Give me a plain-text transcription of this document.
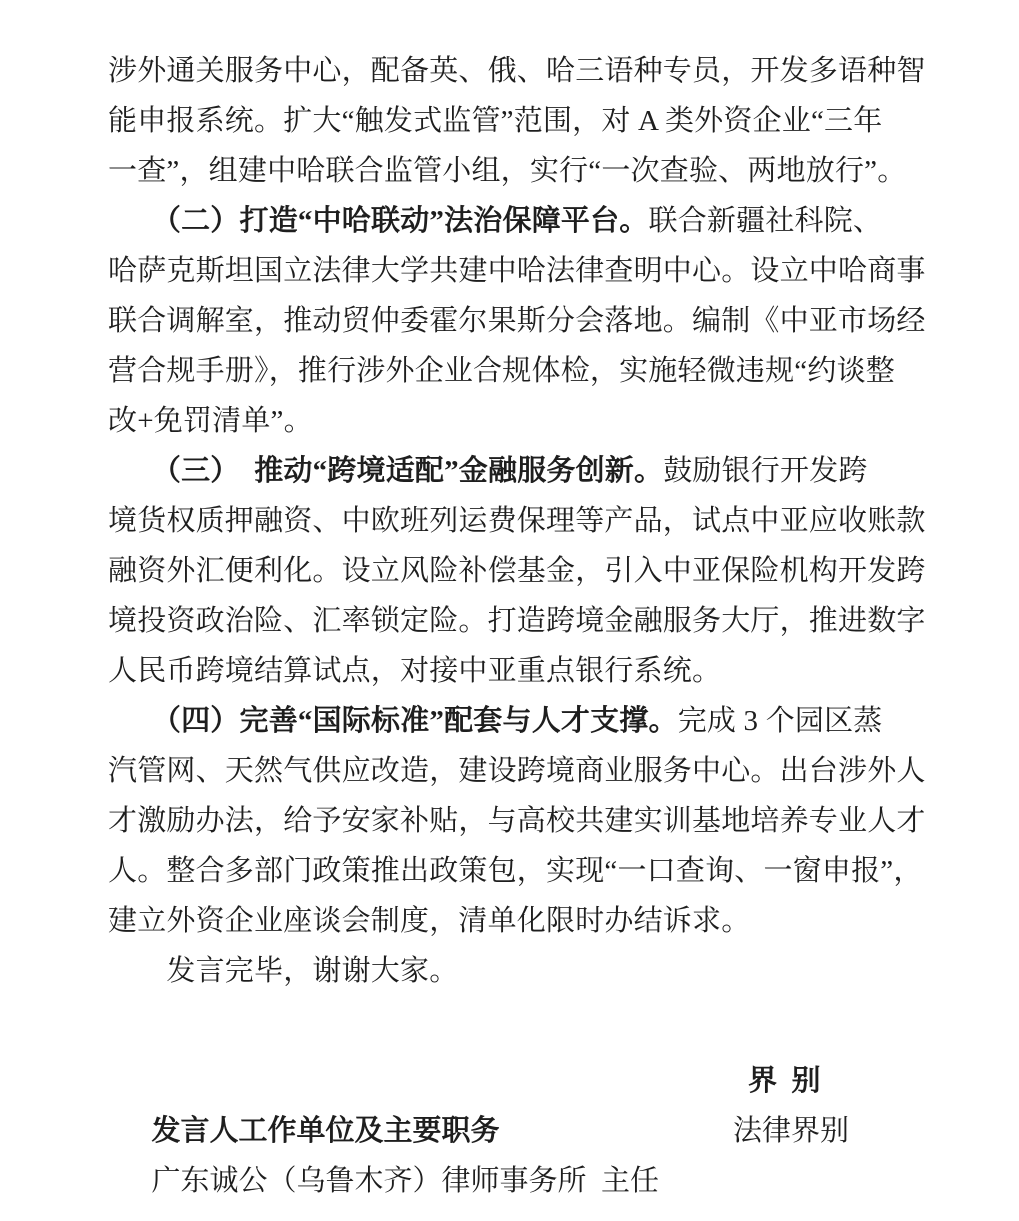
涉外通关服务中心，配备英、俄、哈三语种专员，开发多语种智
能申报系统。扩大“触发式监管”范围，对 A 类外资企业“三年
一查”，组建中哈联合监管小组，实行“一次查验、两地放行”。
　　（二）打造“中哈联动”法治保障平台。联合新疆社科院、
哈萨克斯坦国立法律大学共建中哈法律查明中心。设立中哈商事
联合调解室，推动贸仲委霍尔果斯分会落地。编制《中亚市场经
营合规手册》，推行涉外企业合规体检，实施轻微违规“约谈整
改+免罚清单”。
　　（三）　推动“跨境适配”金融服务创新。鼓励银行开发跨
境货权质押融资、中欧班列运费保理等产品，试点中亚应收账款
融资外汇便利化。设立风险补偿基金，引入中亚保险机构开发跨
境投资政治险、汇率锁定险。打造跨境金融服务大厅，推进数字
人民币跨境结算试点，对接中亚重点银行系统。
　　（四）完善“国际标准”配套与人才支撑。完成 3 个园区蒸
汽管网、天然气供应改造，建设跨境商业服务中心。出台涉外人
才激励办法，给予安家补贴，与高校共建实训基地培养专业人才
人。整合多部门政策推出政策包，实现“一口查询、一窗申报”，
建立外资企业座谈会制度，清单化限时办结诉求。
　　发言完毕，谢谢大家。

发言人工作单位及主要职务

界  别

广东诚公（乌鲁木齐）律师事务所  主任

法律界别
